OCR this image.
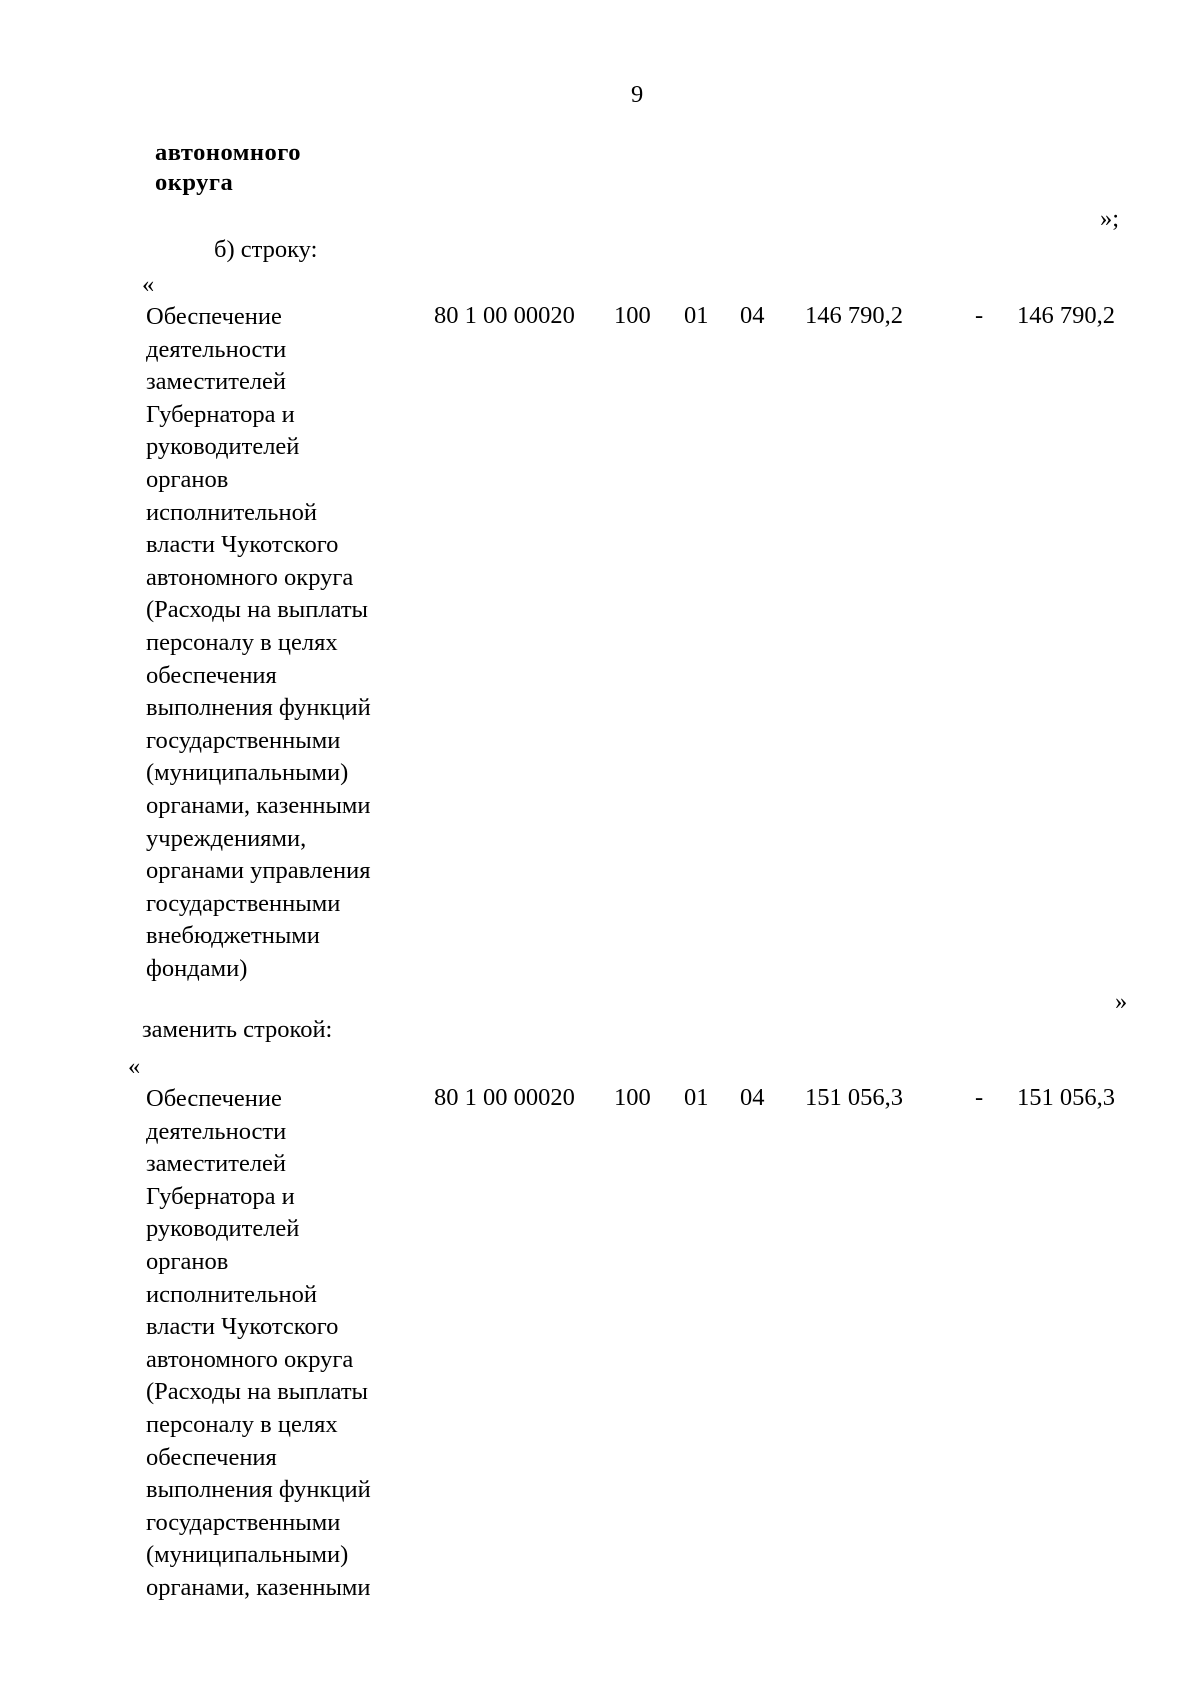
9
автономного
округа
»;
б) строку:
«
Обеспечение
деятельности
заместителей
Губернатора и
руководителей
органов
исполнительной
власти Чукотского
автономного округа
(Расходы на выплаты
персоналу в целях
обеспечения
выполнения функций
государственными
(муниципальными)
органами, казенными
учреждениями,
органами управления
государственными
внебюджетными
фондами)
80 1 00 00020 100 01 04 146 790,2	- 146 790,2
»
заменить строкой:
«
Обеспечение
деятельности
заместителей
Губернатора и
руководителей
органов
исполнительной
власти Чукотского
автономного округа
(Расходы на выплаты
персоналу в целях
обеспечения
выполнения функций
государственными
(муниципальными)
органами, казенными
80 1 00 00020 100 01 04 151 056,3	- 151 056,3
